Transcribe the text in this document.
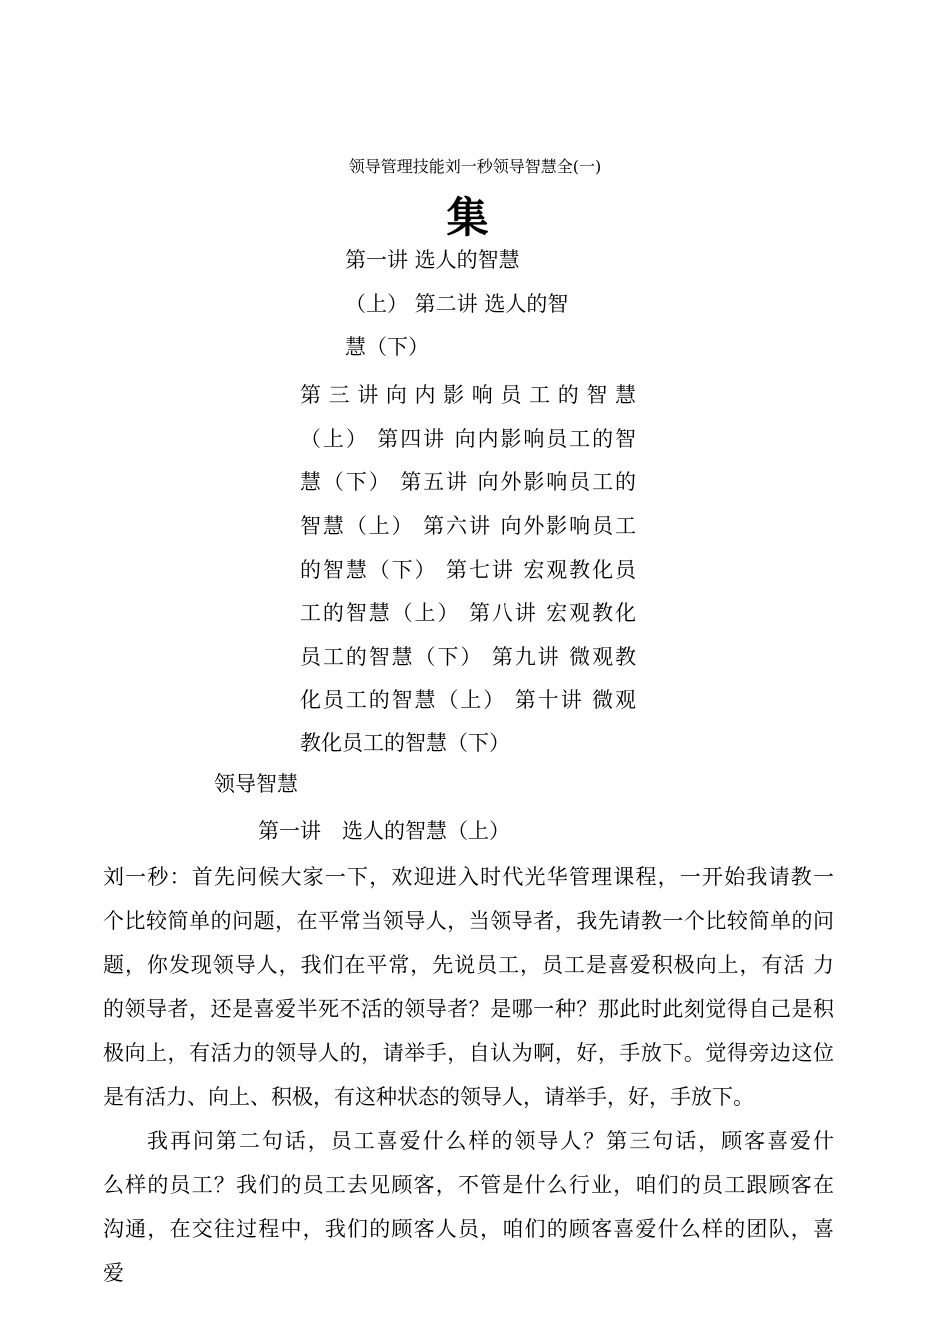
领导管理技能刘一秒领导智慧全(一)
集
第一讲 选人的智慧
（上） 第二讲 选人的智
慧（下）
第 三 讲 向 内 影 响 员 工 的 智 慧
（上） 第四讲 向内影响员工的智
慧（下） 第五讲 向外影响员工的
智慧（上） 第六讲 向外影响员工
的智慧（下） 第七讲 宏观教化员
工的智慧（上） 第八讲 宏观教化
员工的智慧（下） 第九讲 微观教
化员工的智慧（上） 第十讲 微观
教化员工的智慧（下）
领导智慧
第一讲　选人的智慧（上）
刘一秒：首先问候大家一下，欢迎进入时代光华管理课程，一开始我请教一
个比较简单的问题，在平常当领导人，当领导者，我先请教一个比较简单的问
题，你发现领导人，我们在平常，先说员工，员工是喜爱积极向上，有活 力
的领导者，还是喜爱半死不活的领导者？是哪一种？那此时此刻觉得自己是积
极向上，有活力的领导人的，请举手，自认为啊，好，手放下。觉得旁边这位
是有活力、向上、积极，有这种状态的领导人，请举手，好，手放下。
我再问第二句话，员工喜爱什么样的领导人？第三句话，顾客喜爱什
么样的员工？我们的员工去见顾客，不管是什么行业，咱们的员工跟顾客在
沟通，在交往过程中，我们的顾客人员，咱们的顾客喜爱什么样的团队，喜
爱
